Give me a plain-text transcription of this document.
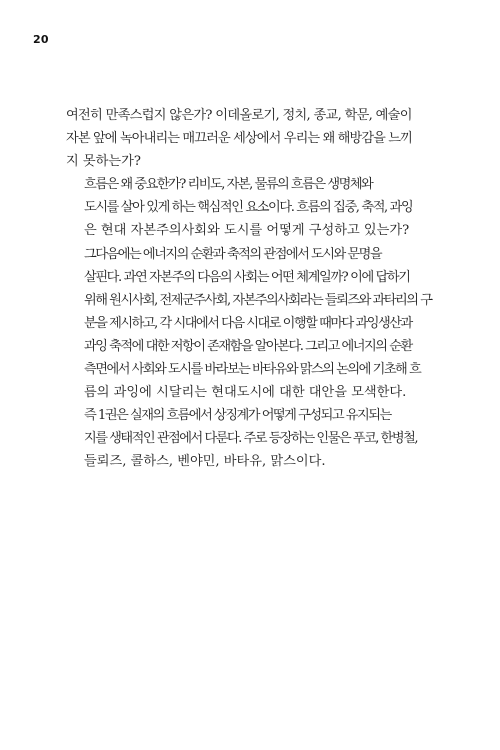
20

여전히 만족스럽지 않은가? 이데올로기, 정치, 종교, 학문, 예술이
자본 앞에 녹아내리는 매끄러운 세상에서 우리는 왜 해방감을 느끼
지 못하는가?

흐름은 왜 중요한가? 리비도, 자본, 물류의 흐름은 생명체와
도시를 살아 있게 하는 핵심적인 요소이다. 흐름의 집중, 축적, 과잉
은 현대 자본주의사회와 도시를 어떻게 구성하고 있는가?

그다음에는 에너지의 순환과 축적의 관점에서 도시와 문명을
살핀다. 과연 자본주의 다음의 사회는 어떤 체계일까? 이에 답하기
위해 원시사회, 전제군주사회, 자본주의사회라는 들뢰즈와 과타리의 구
분을 제시하고, 각 시대에서 다음 시대로 이행할 때마다 과잉생산과
과잉 축적에 대한 저항이 존재함을 알아본다. 그리고 에너지의 순환
측면에서 사회와 도시를 바라보는 바타유와 맑스의 논의에 기초해 흐
름의 과잉에 시달리는 현대도시에 대한 대안을 모색한다.

즉 1권은 실재의 흐름에서 상징계가 어떻게 구성되고 유지되는
지를 생태적인 관점에서 다룬다. 주로 등장하는 인물은 푸코, 한병철,
들뢰즈, 콜하스, 벤야민, 바타유, 맑스이다.
